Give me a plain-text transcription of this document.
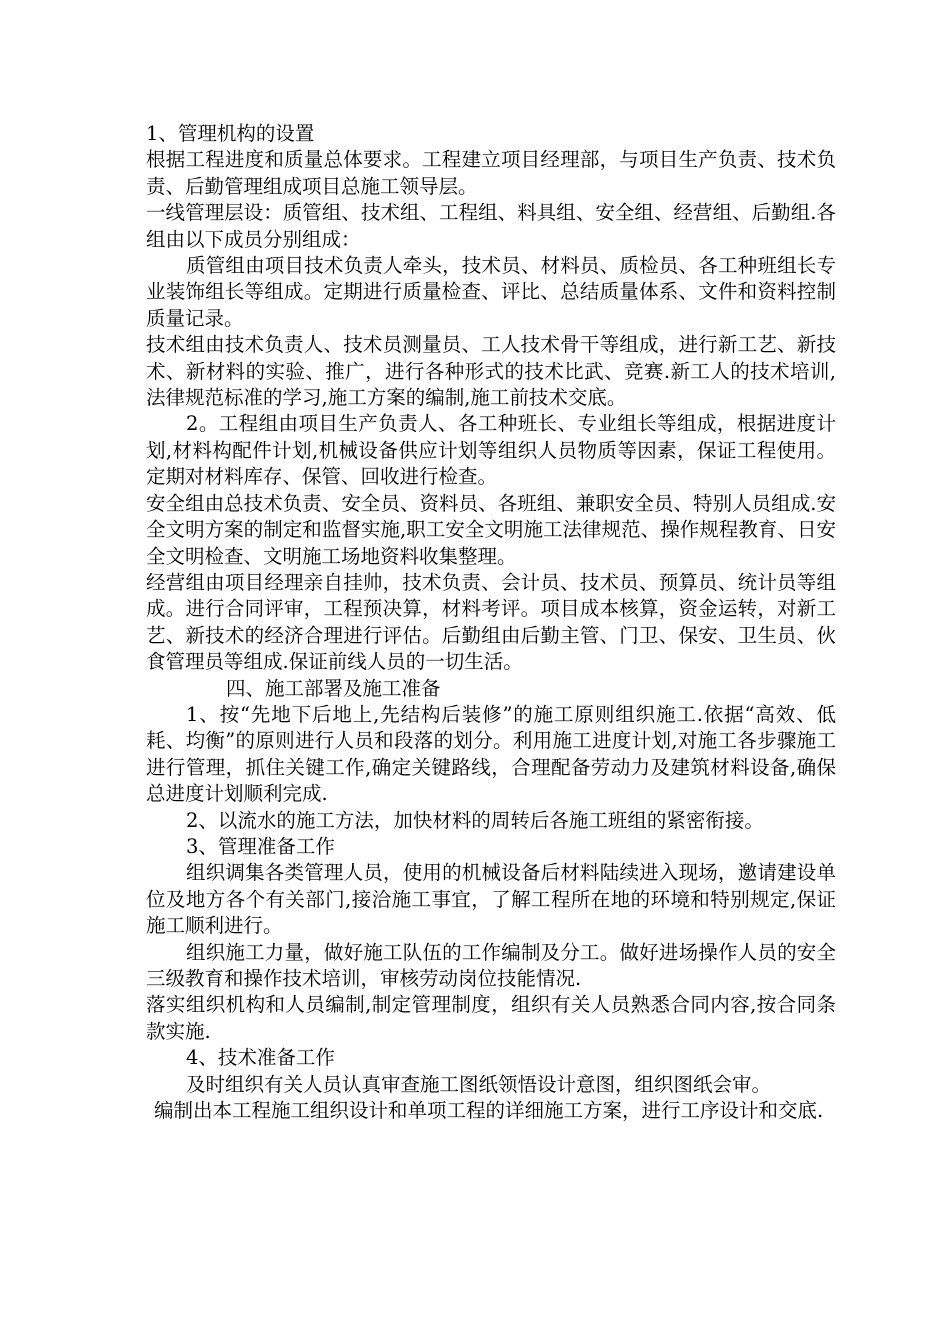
1、管理机构的设置

根据工程进度和质量总体要求。工程建立项目经理部，与项目生产负责、技术负责、后勤管理组成项目总施工领导层。

一线管理层设：质管组、技术组、工程组、料具组、安全组、经营组、后勤组.各组由以下成员分别组成：

质管组由项目技术负责人牵头，技术员、材料员、质检员、各工种班组长专业装饰组长等组成。定期进行质量检查、评比、总结质量体系、文件和资料控制质量记录。

技术组由技术负责人、技术员测量员、工人技术骨干等组成，进行新工艺、新技术、新材料的实验、推广，进行各种形式的技术比武、竞赛.新工人的技术培训,法律规范标准的学习,施工方案的编制,施工前技术交底。

2。工程组由项目生产负责人、各工种班长、专业组长等组成，根据进度计划,材料构配件计划,机械设备供应计划等组织人员物质等因素，保证工程使用。定期对材料库存、保管、回收进行检查。

安全组由总技术负责、安全员、资料员、各班组、兼职安全员、特别人员组成.安全文明方案的制定和监督实施,职工安全文明施工法律规范、操作规程教育、日安全文明检查、文明施工场地资料收集整理。

经营组由项目经理亲自挂帅，技术负责、会计员、技术员、预算员、统计员等组成。进行合同评审，工程预决算，材料考评。项目成本核算，资金运转，对新工艺、新技术的经济合理进行评估。后勤组由后勤主管、门卫、保安、卫生员、伙食管理员等组成.保证前线人员的一切生活。

四、施工部署及施工准备

1、按“先地下后地上,先结构后装修”的施工原则组织施工.依据“高效、低耗、均衡”的原则进行人员和段落的划分。利用施工进度计划,对施工各步骤施工进行管理，抓住关键工作,确定关键路线，合理配备劳动力及建筑材料设备,确保总进度计划顺利完成.

2、以流水的施工方法，加快材料的周转后各施工班组的紧密衔接。

3、管理准备工作

组织调集各类管理人员，使用的机械设备后材料陆续进入现场，邀请建设单位及地方各个有关部门,接洽施工事宜，了解工程所在地的环境和特别规定,保证施工顺利进行。

组织施工力量，做好施工队伍的工作编制及分工。做好进场操作人员的安全三级教育和操作技术培训，审核劳动岗位技能情况.

落实组织机构和人员编制,制定管理制度，组织有关人员熟悉合同内容,按合同条款实施.

4、技术准备工作

及时组织有关人员认真审查施工图纸领悟设计意图，组织图纸会审。

编制出本工程施工组织设计和单项工程的详细施工方案，进行工序设计和交底.
